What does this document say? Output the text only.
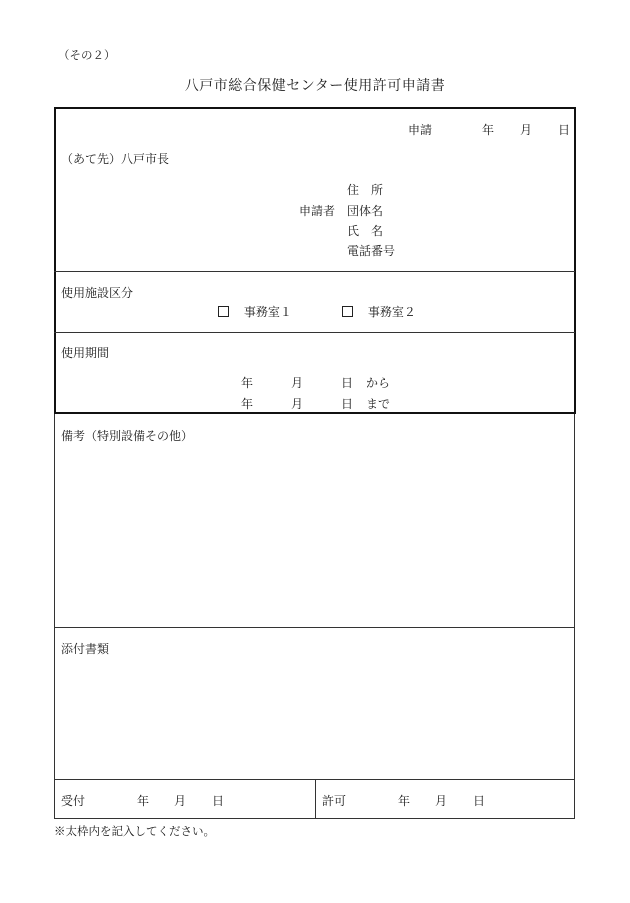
（その２）
八戸市総合保健センター使用許可申請書
申請	年 月 日
（あて先）八戸市長
申請者
住　所
団体名
氏　名
電話番号
使用施設区分
事務室１	事務室２
使用期間
年	月	日 から
年	月	日 まで
備考（特別設備その他）
添付書類
受付	年 月 日	許可	年 月 日
※太枠内を記入してください。
